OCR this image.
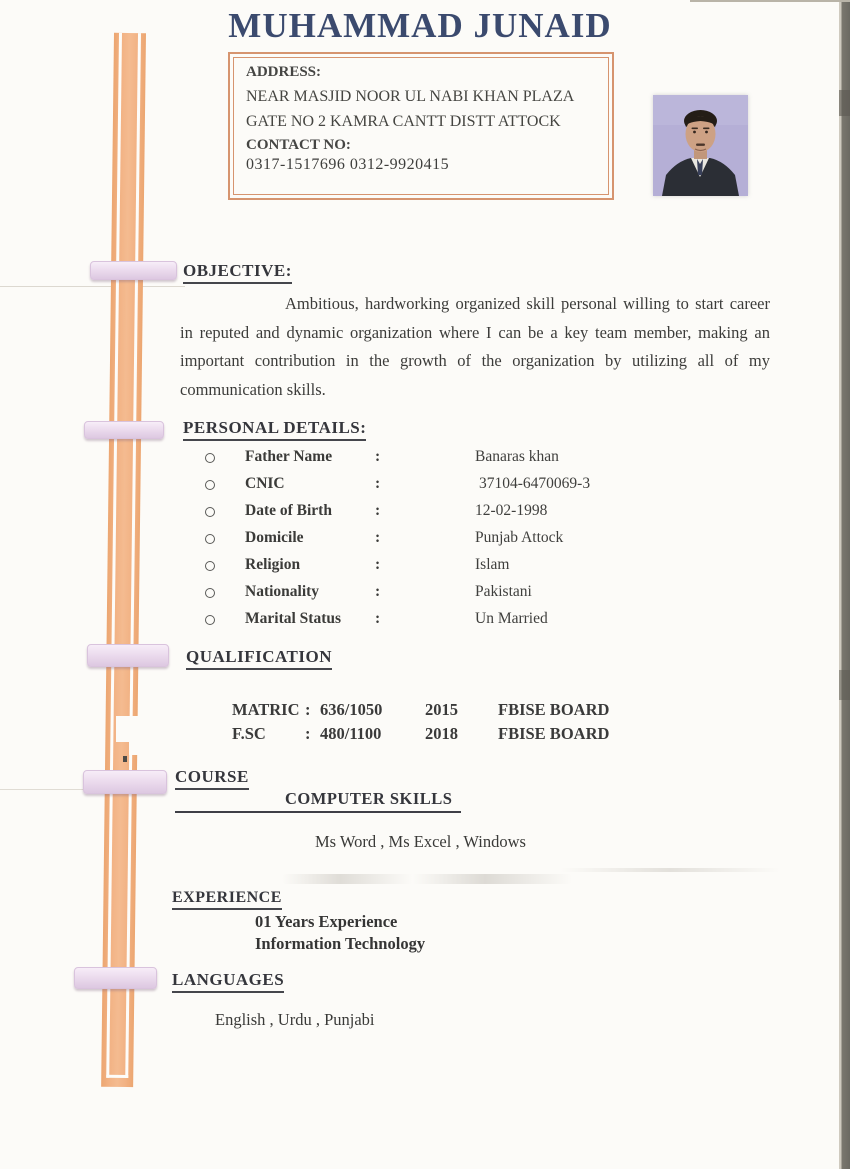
MUHAMMAD JUNAID
ADDRESS:
NEAR MASJID NOOR UL NABI KHAN PLAZA
GATE NO 2 KAMRA CANTT DISTT ATTOCK
CONTACT NO:
0317-1517696 0312-9920415
OBJECTIVE:
Ambitious, hardworking organized skill personal willing to start career in reputed and dynamic organization where I can be a key team member, making an important contribution in the growth of the organization by utilizing all of my communication skills.
PERSONAL DETAILS:
Father Name	:	Banaras khan
CNIC	:	37104-6470069-3
Date of Birth	:	12-02-1998
Domicile	:	Punjab Attock
Religion	:	Islam
Nationality	:	Pakistani
Marital Status	:	Un Married
QUALIFICATION
MATRIC : 636/1050	2015	FBISE BOARD
F.SC	: 480/1100	2018	FBISE BOARD
COURSE
COMPUTER SKILLS
Ms Word , Ms Excel , Windows
EXPERIENCE
01 Years Experience
Information Technology
LANGUAGES
English , Urdu , Punjabi
